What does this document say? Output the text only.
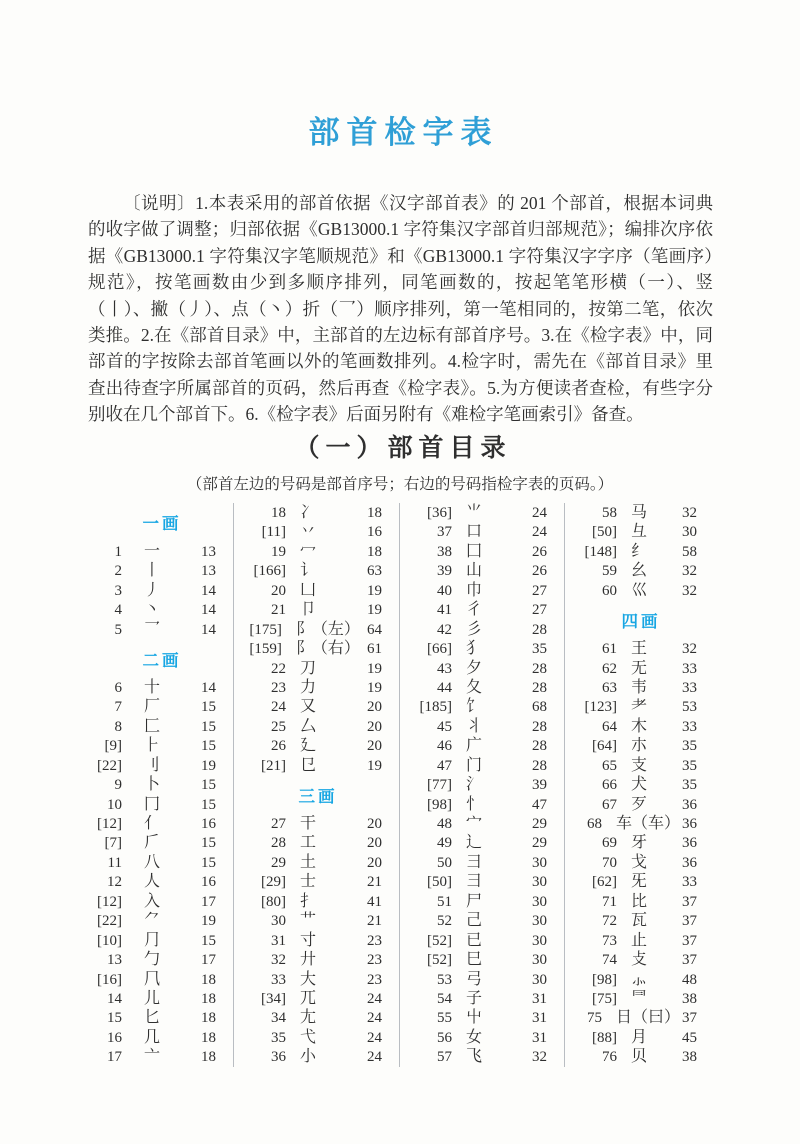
部首检字表

〔说明〕1.本表采用的部首依据《汉字部首表》的 201 个部首，根据本词典的收字做了调整；归部依据《GB13000.1 字符集汉字部首归部规范》；编排次序依据《GB13000.1 字符集汉字笔顺规范》和《GB13000.1 字符集汉字字序（笔画序）规范》，按笔画数由少到多顺序排列，同笔画数的，按起笔笔形横（一）、竖（丨）、撇（丿）、点（丶）折（乛）顺序排列，第一笔相同的，按第二笔，依次类推。2.在《部首目录》中，主部首的左边标有部首序号。3.在《检字表》中，同部首的字按除去部首笔画以外的笔画数排列。4.检字时，需先在《部首目录》里查出待查字所属部首的页码，然后再查《检字表》。5.为方便读者查检，有些字分别收在几个部首下。6.《检字表》后面另附有《难检字笔画索引》备查。

（一）部首目录

（部首左边的号码是部首序号；右边的号码指检字表的页码。）

一画
1	一	13
2	丨	13
3	丿	14
4	丶	14
5	乛	14
二画
6	十	14
7	厂	15
8	匚	15
[9]	⺊	15
[22]	刂	19
9	卜	15
10	冂	15
[12]	亻	16
[7]	𠂆	15
11	八	15
12	人	16
[12]	入	17
[22]	⺈	19
[10]	⺆	15
13	勹	17
[16]	𠘨	18
14	儿	18
15	匕	18
16	几	18
17	亠	18
18 冫	18
[11] 丷	16
19 冖	18
[166] 讠	63
20 凵	19
21 卩	19
[175] 阝（左） 64
[159] 阝（右） 61
22 刀	19
23 力	19
24 又	20
25 厶	20
26 廴	20
[21] 㔾	19
三画
27 干	20
28 工	20
29 土	20
[29] 士	21
[80] 扌	41
30 艹	21
31 寸	23
32 廾	23
33 大	23
[34] 兀	24
34 尢	24
35 弋	24
36 小	24
[36] ⺌	24
37 口	24
38 囗	26
39 山	26
40 巾	27
41 彳	27
42 彡	28
[66] 犭	35
43 夕	28
44 夂	28
[185] 饣	68
45 丬	28
46 广	28
47 门	28
[77] 氵	39
[98] 忄	47
48 宀	29
49 辶	29
50 彐	30
[50] ⺕	30
51 尸	30
52 己	30
[52] 已	30
[52] 巳	30
53 弓	30
54 子	31
55 屮	31
56 女	31
57 飞	32
58 马	32
[50] 彑	30
[148] 纟	58
59 幺	32
60 巛	32
四画
61 王	32
62 无	33
63 韦	33
[123] 耂	53
64 木	33
[64] 朩	35
65 支	35
66 犬	35
67 歹	36
68 车（车） 36
69 牙	36
70 戈	36
[62] 旡	33
71 比	37
72 瓦	37
73 止	37
74 攴	37
[98] ⺗	48
[75] ⺜	38
75 日（曰） 37
[88] 月	45
76 贝	38
